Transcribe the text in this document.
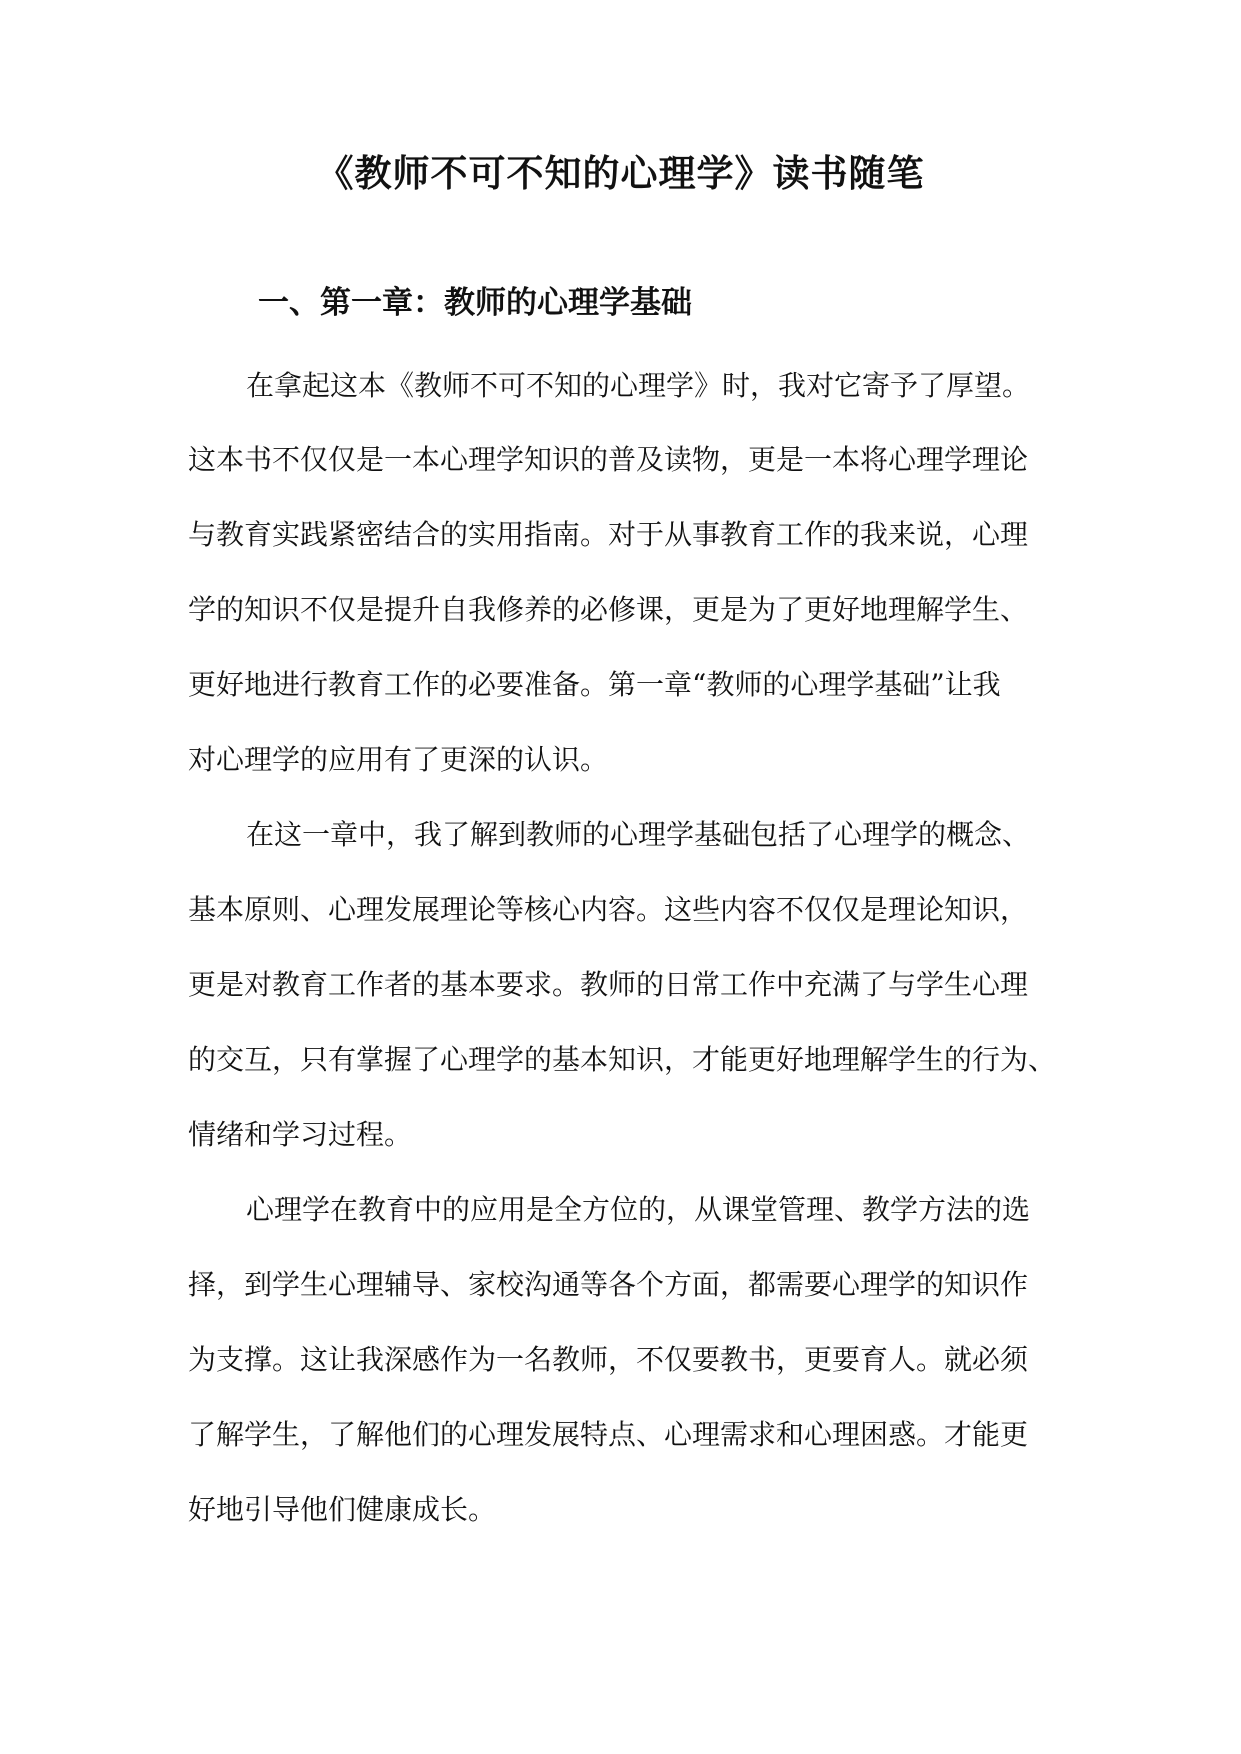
《教师不可不知的心理学》读书随笔
一、第一章：教师的心理学基础

在拿起这本《教师不可不知的心理学》时，我对它寄予了厚望。

这本书不仅仅是一本心理学知识的普及读物，更是一本将心理学理论

与教育实践紧密结合的实用指南。对于从事教育工作的我来说，心理

学的知识不仅是提升自我修养的必修课，更是为了更好地理解学生、

更好地进行教育工作的必要准备。第一章“教师的心理学基础”让我

对心理学的应用有了更深的认识。

在这一章中，我了解到教师的心理学基础包括了心理学的概念、

基本原则、心理发展理论等核心内容。这些内容不仅仅是理论知识，

更是对教育工作者的基本要求。教师的日常工作中充满了与学生心理

的交互，只有掌握了心理学的基本知识，才能更好地理解学生的行为、

情绪和学习过程。

心理学在教育中的应用是全方位的，从课堂管理、教学方法的选

择，到学生心理辅导、家校沟通等各个方面，都需要心理学的知识作

为支撑。这让我深感作为一名教师，不仅要教书，更要育人。就必须

了解学生，了解他们的心理发展特点、心理需求和心理困惑。才能更

好地引导他们健康成长。
